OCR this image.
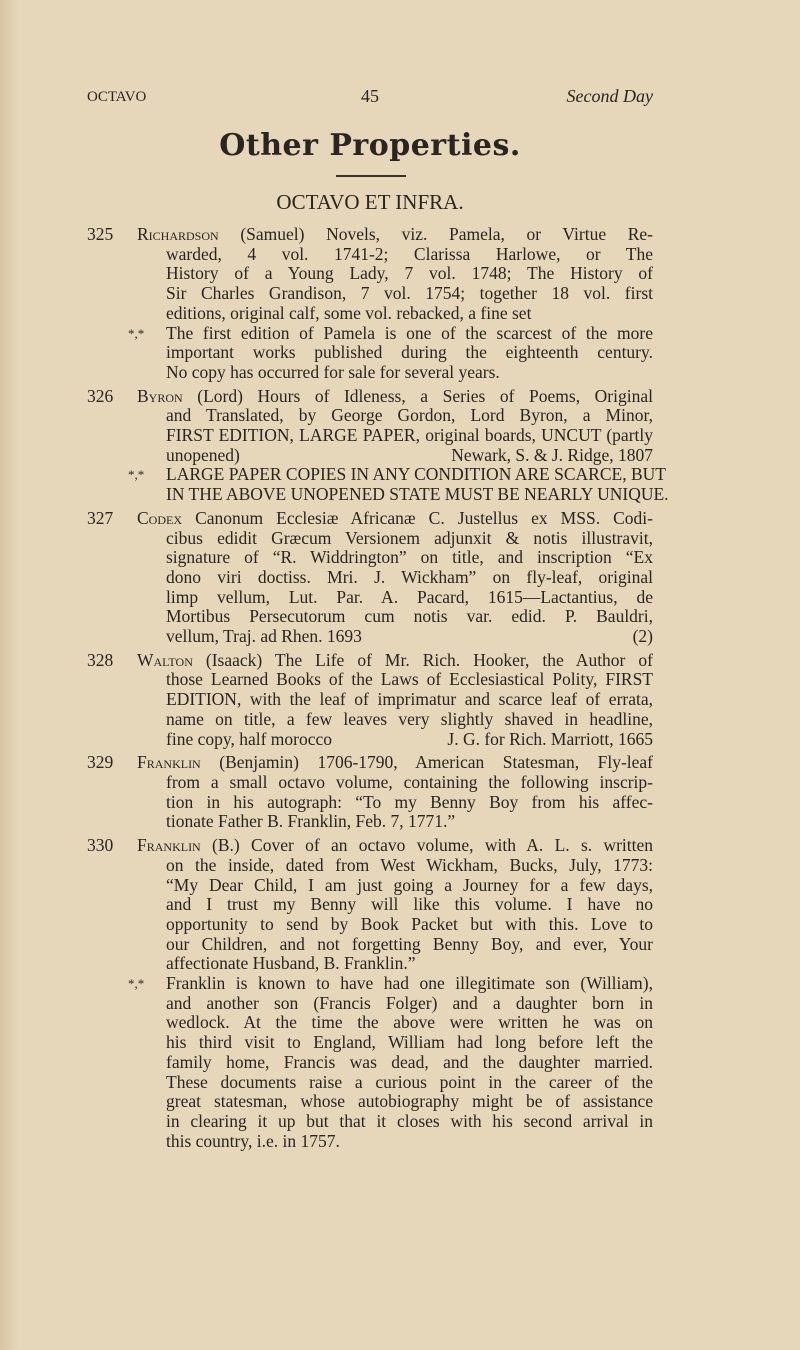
OCTAVO	45	Second Day
Other Properties.
OCTAVO ET INFRA.
325	Richardson (Samuel) Novels, viz. Pamela, or Virtue Re-
warded, 4 vol. 1741-2; Clarissa Harlowe, or The
History of a Young Lady, 7 vol. 1748; The History of
Sir Charles Grandison, 7 vol. 1754; together 18 vol. first
editions, original calf, some vol. rebacked, a fine set
*,*	The first edition of Pamela is one of the scarcest of the more
important works published during the eighteenth century.
No copy has occurred for sale for several years.
326	Byron (Lord) Hours of Idleness, a Series of Poems, Original
and Translated, by George Gordon, Lord Byron, a Minor,
FIRST EDITION, LARGE PAPER, original boards, UNCUT (partly
unopened)	Newark, S. & J. Ridge, 1807
*,*	LARGE PAPER COPIES IN ANY CONDITION ARE SCARCE, BUT
IN THE ABOVE UNOPENED STATE MUST BE NEARLY UNIQUE.
327	Codex Canonum Ecclesiæ Africanæ C. Justellus ex MSS. Codi-
cibus edidit Græcum Versionem adjunxit & notis illustravit,
signature of “R. Widdrington” on title, and inscription “Ex
dono viri doctiss. Mri. J. Wickham” on fly-leaf, original
limp vellum, Lut. Par. A. Pacard, 1615—Lactantius, de
Mortibus Persecutorum cum notis var. edid. P. Bauldri,
vellum, Traj. ad Rhen. 1693	(2)
328	Walton (Isaack) The Life of Mr. Rich. Hooker, the Author of
those Learned Books of the Laws of Ecclesiastical Polity, FIRST
EDITION, with the leaf of imprimatur and scarce leaf of errata,
name on title, a few leaves very slightly shaved in headline,
fine copy, half morocco	J. G. for Rich. Marriott, 1665
329	Franklin (Benjamin) 1706-1790, American Statesman, Fly-leaf
from a small octavo volume, containing the following inscrip-
tion in his autograph: “To my Benny Boy from his affec-
tionate Father B. Franklin, Feb. 7, 1771.”
330	Franklin (B.) Cover of an octavo volume, with A. L. s. written
on the inside, dated from West Wickham, Bucks, July, 1773:
“My Dear Child, I am just going a Journey for a few days,
and I trust my Benny will like this volume. I have no
opportunity to send by Book Packet but with this. Love to
our Children, and not forgetting Benny Boy, and ever, Your
affectionate Husband, B. Franklin.”
*,*	Franklin is known to have had one illegitimate son (William),
and another son (Francis Folger) and a daughter born in
wedlock. At the time the above were written he was on
his third visit to England, William had long before left the
family home, Francis was dead, and the daughter married.
These documents raise a curious point in the career of the
great statesman, whose autobiography might be of assistance
in clearing it up but that it closes with his second arrival in
this country, i.e. in 1757.
